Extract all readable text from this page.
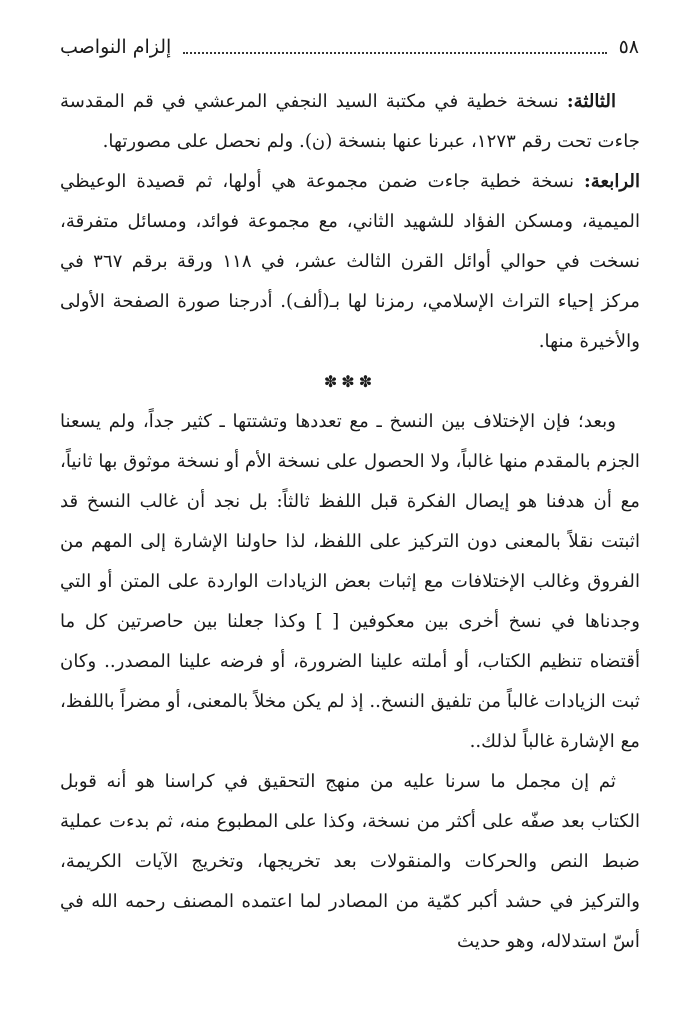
٥٨
إلزام النواصب

الثالثة: نسخة خطية في مكتبة السيد النجفي المرعشي في قم المقدسة جاءت تحت رقم ١٢٧٣، عبرنا عنها بنسخة (ن). ولم نحصل على مصورتها.

الرابعة: نسخة خطية جاءت ضمن مجموعة هي أولها، ثم قصيدة الوعيظي الميمية، ومسكن الفؤاد للشهيد الثاني، مع مجموعة فوائد، ومسائل متفرقة، نسخت في حوالي أوائل القرن الثالث عشر، في ١١٨ ورقة برقم ٣٦٧ في مركز إحياء التراث الإسلامي، رمزنا لها بـ(ألف). أدرجنا صورة الصفحة الأولى والأخيرة منها.

✽✽✽

وبعد؛ فإن الإختلاف بين النسخ ـ مع تعددها وتشتتها ـ كثير جداً، ولم يسعنا الجزم بالمقدم منها غالباً، ولا الحصول على نسخة الأم أو نسخة موثوق بها ثانياً، مع أن هدفنا هو إيصال الفكرة قبل اللفظ ثالثاً: بل نجد أن غالب النسخ قد اثبتت نقلاً بالمعنى دون التركيز على اللفظ، لذا حاولنا الإشارة إلى المهم من الفروق وغالب الإختلافات مع إثبات بعض الزيادات الواردة على المتن أو التي وجدناها في نسخ أخرى بين معكوفين [ ] وكذا جعلنا بين حاصرتين كل ما أقتضاه تنظيم الكتاب، أو أملته علينا الضرورة، أو فرضه علينا المصدر.. وكان ثبت الزيادات غالباً من تلفيق النسخ.. إذ لم يكن مخلاً بالمعنى، أو مضراً باللفظ، مع الإشارة غالباً لذلك..

ثم إن مجمل ما سرنا عليه من منهج التحقيق في كراسنا هو أنه قوبل الكتاب بعد صفّه على أكثر من نسخة، وكذا على المطبوع منه، ثم بدءت عملية ضبط النص والحركات والمنقولات بعد تخريجها، وتخريج الآيات الكريمة، والتركيز في حشد أكبر كمّية من المصادر لما اعتمده المصنف رحمه الله في أسّ استدلاله، وهو حديث
